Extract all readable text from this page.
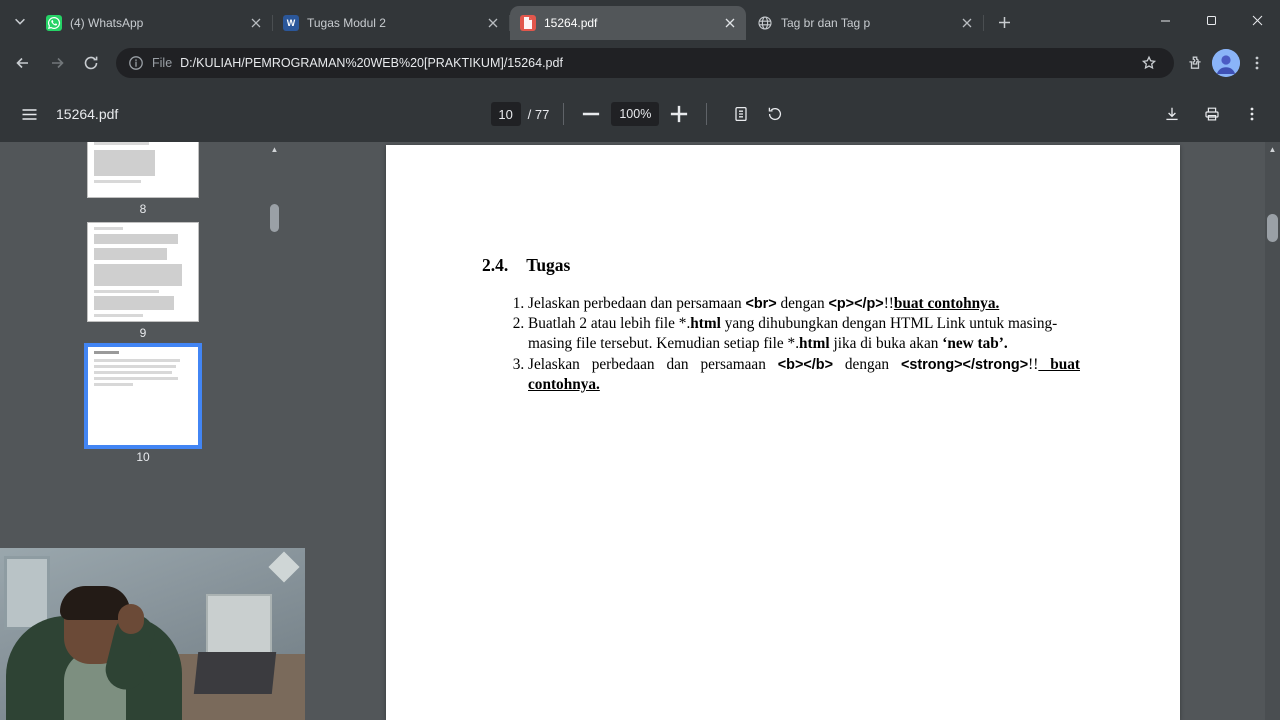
(4) WhatsApp	W Tugas Modul 2	15264.pdf	Tag br dan Tag p
File D:/KULIAH/PEMROGRAMAN%20WEB%20[PRAKTIKUM]/15264.pdf
15264.pdf
10	/ 77	100%
8
9
10
▲
2.4. Tugas
1. Jelaskan perbedaan dan persamaan <br> dengan <p></p>!!buat contohnya.
2. Buatlah 2 atau lebih file *.html yang dihubungkan dengan HTML Link untuk masing-masing file tersebut. Kemudian setiap file *.html jika di buka akan ‘new tab’.
3. Jelaskan perbedaan dan persamaan <b></b> dengan <strong></strong>!! buat contohnya.
▲
